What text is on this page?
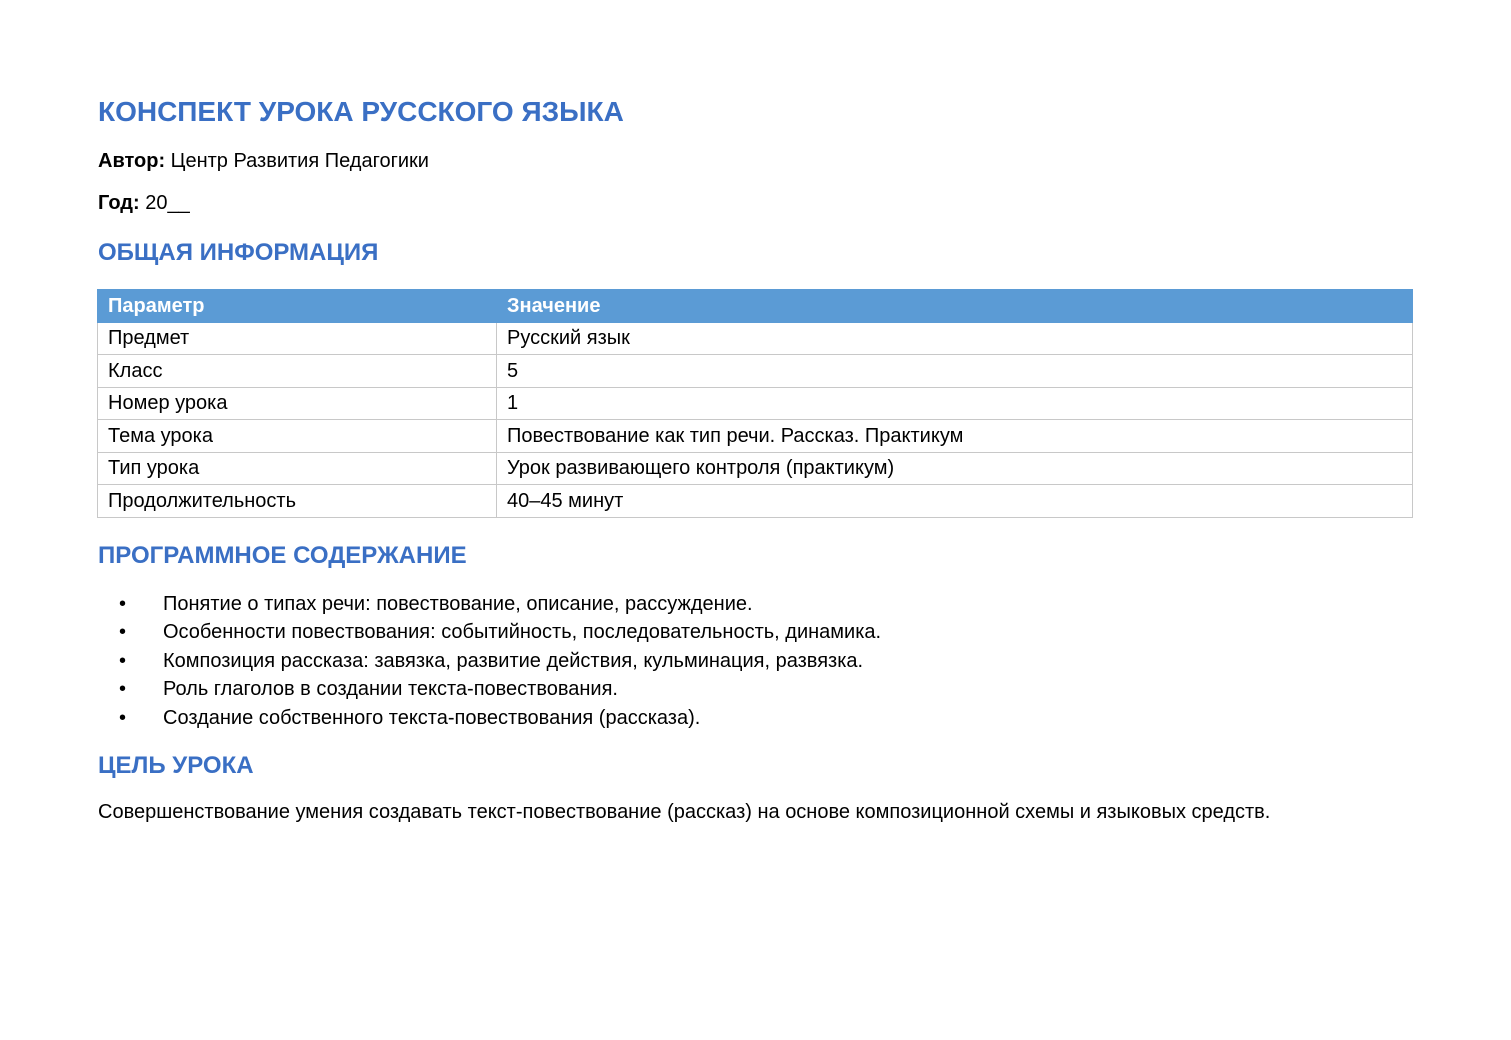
КОНСПЕКТ УРОКА РУССКОГО ЯЗЫКА

Автор: Центр Развития Педагогики

Год: 20__

ОБЩАЯ ИНФОРМАЦИЯ
Параметр	Значение
Предмет	Русский язык
Класс	5
Номер урока	1
Тема урока	Повествование как тип речи. Рассказ. Практикум
Тип урока	Урок развивающего контроля (практикум)
Продолжительность	40–45 минут
ПРОГРАММНОЕ СОДЕРЖАНИЕ
• Понятие о типах речи: повествование, описание, рассуждение.
• Особенности повествования: событийность, последовательность, динамика.
• Композиция рассказа: завязка, развитие действия, кульминация, развязка.
• Роль глаголов в создании текста-повествования.
• Создание собственного текста-повествования (рассказа).
ЦЕЛЬ УРОКА

Совершенствование умения создавать текст-повествование (рассказ) на основе композиционной схемы и языковых средств.
